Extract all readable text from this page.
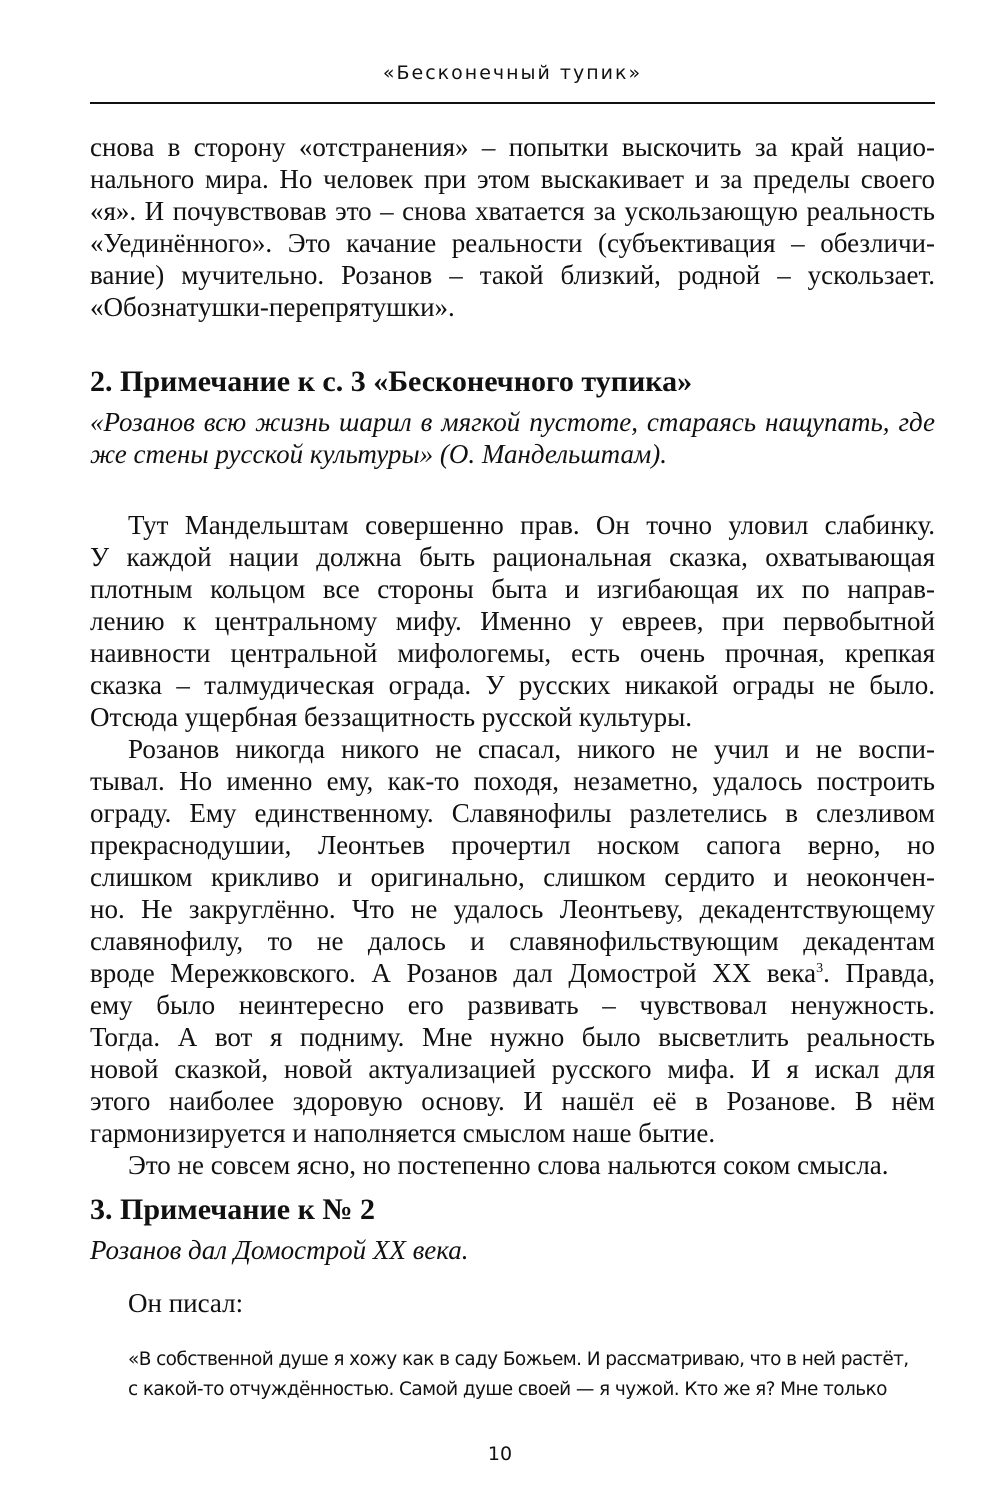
«Бесконечный тупик»
снова в сторону «отстранения» – попытки выскочить за край нацио-
нального мира. Но человек при этом выскакивает и за пределы своего
«я». И почувствовав это – снова хватается за ускользающую реальность
«Уединённого». Это качание реальности (субъективация – обезличи-
вание) мучительно. Розанов – такой близкий, родной – ускользает.
«Обознатушки-перепрятушки».
2. Примечание к с. 3 «Бесконечного тупика»
«Розанов всю жизнь шарил в мягкой пустоте, стараясь нащупать, где
же стены русской культуры» (О. Мандельштам).
Тут Мандельштам совершенно прав. Он точно уловил слабинку.
У каждой нации должна быть рациональная сказка, охватывающая
плотным кольцом все стороны быта и изгибающая их по направ-
лению к центральному мифу. Именно у евреев, при первобытной
наивности центральной мифологемы, есть очень прочная, крепкая
сказка – талмудическая ограда. У русских никакой ограды не было.
Отсюда ущербная беззащитность русской культуры.
Розанов никогда никого не спасал, никого не учил и не воспи-
тывал. Но именно ему, как-то походя, незаметно, удалось построить
ограду. Ему единственному. Славянофилы разлетелись в слезливом
прекраснодушии, Леонтьев прочертил носком сапога верно, но
слишком крикливо и оригинально, слишком сердито и неокончен-
но. Не закруглённо. Что не удалось Леонтьеву, декадентствующему
славянофилу, то не далось и славянофильствующим декадентам
вроде Мережковского. А Розанов дал Домострой XX века$^3$. Правда,
ему было неинтересно его развивать – чувствовал ненужность.
Тогда. А вот я подниму. Мне нужно было высветлить реальность
новой сказкой, новой актуализацией русского мифа. И я искал для
этого наиболее здоровую основу. И нашёл её в Розанове. В нём
гармонизируется и наполняется смыслом наше бытие.
Это не совсем ясно, но постепенно слова нальются соком смысла.
3. Примечание к № 2
Розанов дал Домострой XX века.
Он писал:
«В собственной душе я хожу как в саду Божьем. И рассматриваю, что в ней растёт,
с какой-то отчуждённостью. Самой душе своей — я чужой. Кто же я? Мне только
10
